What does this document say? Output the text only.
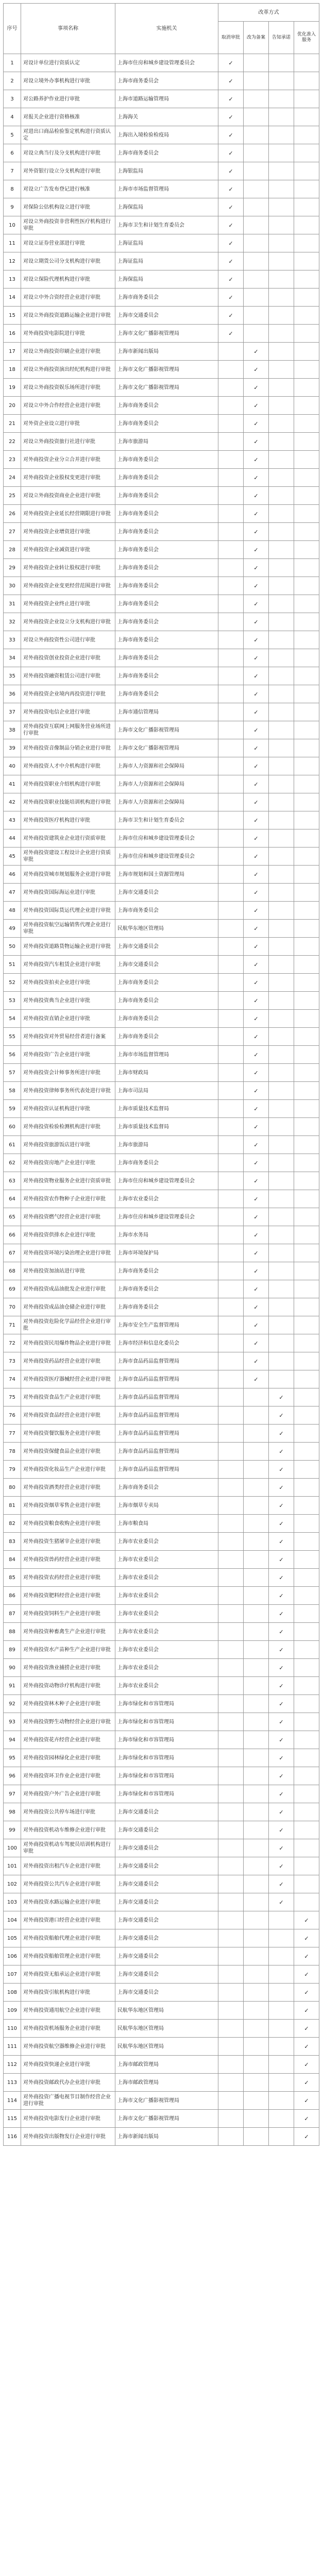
序号	事项名称	实施机关	改革方式			

			取消审批	改为备案	告知承诺	优化准入服务
1	对设计单位进行资质认定	上海市住房和城乡建设管理委员会	✓			
2	对设立境外办事机构进行审批	上海市商务委员会	✓			
3	对公路养护作业进行审批	上海市道路运输管理局	✓			
4	对报关企业进行资格核准	上海海关	✓			
5	对进出口商品检验鉴定机构进行资质认定	上海出入境检验检疫局	✓			
6	对设立典当行及分支机构进行审批	上海市商务委员会	✓			
7	对外资银行设立分支机构进行审批	上海银监局	✓			
8	对设立广告发布登记进行核准	上海市市场监督管理局	✓			
9	对保险公估机构设立进行审批	上海保监局	✓			
10	对设立外商投资非营利性医疗机构进行审批	上海市卫生和计划生育委员会	✓			
11	对设立证券营业部进行审批	上海证监局	✓			
12	对设立期货公司分支机构进行审批	上海证监局	✓			
13	对设立保险代理机构进行审批	上海保监局	✓			
14	对设立中外合资经营企业进行审批	上海市商务委员会	✓			
15	对设立外商投资道路运输企业进行审批	上海市交通委员会	✓			
16	对外商投资电影院进行审批	上海市文化广播影视管理局	✓			
17	对设立外商投资印刷企业进行审批	上海市新闻出版局		✓		
18	对设立外商投资演出经纪机构进行审批	上海市文化广播影视管理局		✓		
19	对设立外商投资娱乐场所进行审批	上海市文化广播影视管理局		✓		
20	对设立中外合作经营企业进行审批	上海市商务委员会		✓		
21	对外资企业设立进行审批	上海市商务委员会		✓		
22	对设立外商投资旅行社进行审批	上海市旅游局		✓		
23	对外商投资企业分立合并进行审批	上海市商务委员会		✓		
24	对外商投资企业股权变更进行审批	上海市商务委员会		✓		
25	对设立外商投资商业企业进行审批	上海市商务委员会		✓		
26	对外商投资企业延长经营期限进行审批	上海市商务委员会		✓		
27	对外商投资企业增资进行审批	上海市商务委员会		✓		
28	对外商投资企业减资进行审批	上海市商务委员会		✓		
29	对外商投资企业转让股权进行审批	上海市商务委员会		✓		
30	对外商投资企业变更经营范围进行审批	上海市商务委员会		✓		
31	对外商投资企业终止进行审批	上海市商务委员会		✓		
32	对外商投资企业设立分支机构进行审批	上海市商务委员会		✓		
33	对设立外商投资性公司进行审批	上海市商务委员会		✓		
34	对外商投资创业投资企业进行审批	上海市商务委员会		✓		
35	对外商投资融资租赁公司进行审批	上海市商务委员会		✓		
36	对外商投资企业境内再投资进行审批	上海市商务委员会		✓		
37	对外商投资电信企业进行审批	上海市通信管理局		✓		
38	对外商投资互联网上网服务营业场所进行审批	上海市文化广播影视管理局		✓		
39	对外商投资音像制品分销企业进行审批	上海市文化广播影视管理局		✓		
40	对外商投资人才中介机构进行审批	上海市人力资源和社会保障局		✓		
41	对外商投资职业介绍机构进行审批	上海市人力资源和社会保障局		✓		
42	对外商投资职业技能培训机构进行审批	上海市人力资源和社会保障局		✓		
43	对外商投资医疗机构进行审批	上海市卫生和计划生育委员会		✓		
44	对外商投资建筑业企业进行资质审批	上海市住房和城乡建设管理委员会		✓		
45	对外商投资建设工程设计企业进行资质审批	上海市住房和城乡建设管理委员会		✓		
46	对外商投资城市规划服务企业进行审批	上海市规划和国土资源管理局		✓		
47	对外商投资国际海运业进行审批	上海市交通委员会		✓		
48	对外商投资国际货运代理企业进行审批	上海市商务委员会		✓		
49	对外商投资航空运输销售代理企业进行审批	民航华东地区管理局		✓		
50	对外商投资道路货物运输企业进行审批	上海市交通委员会		✓		
51	对外商投资汽车租赁企业进行审批	上海市交通委员会		✓		
52	对外商投资拍卖企业进行审批	上海市商务委员会		✓		
53	对外商投资典当企业进行审批	上海市商务委员会		✓		
54	对外商投资直销企业进行审批	上海市商务委员会		✓		
55	对外商投资对外贸易经营者进行备案	上海市商务委员会		✓		
56	对外商投资广告企业进行审批	上海市市场监督管理局		✓		
57	对外商投资会计师事务所进行审批	上海市财政局		✓		
58	对外商投资律师事务所代表处进行审批	上海市司法局		✓		
59	对外商投资认证机构进行审批	上海市质量技术监督局		✓		
60	对外商投资检验检测机构进行审批	上海市质量技术监督局		✓		
61	对外商投资旅游饭店进行审批	上海市旅游局		✓		
62	对外商投资房地产企业进行审批	上海市商务委员会		✓		
63	对外商投资物业服务企业进行资质审批	上海市住房和城乡建设管理委员会		✓		
64	对外商投资农作物种子企业进行审批	上海市农业委员会		✓		
65	对外商投资燃气经营企业进行审批	上海市住房和城乡建设管理委员会		✓		
66	对外商投资供排水企业进行审批	上海市水务局		✓		
67	对外商投资环境污染治理企业进行审批	上海市环境保护局		✓		
68	对外商投资加油站进行审批	上海市商务委员会		✓		
69	对外商投资成品油批发企业进行审批	上海市商务委员会		✓		
70	对外商投资成品油仓储企业进行审批	上海市商务委员会		✓		
71	对外商投资危险化学品经营企业进行审批	上海市安全生产监督管理局		✓		
72	对外商投资民用爆炸物品企业进行审批	上海市经济和信息化委员会		✓		
73	对外商投资药品经营企业进行审批	上海市食品药品监督管理局		✓		
74	对外商投资医疗器械经营企业进行审批	上海市食品药品监督管理局		✓		
75	对外商投资食品生产企业进行审批	上海市食品药品监督管理局			✓	
76	对外商投资食品经营企业进行审批	上海市食品药品监督管理局			✓	
77	对外商投资餐饮服务企业进行审批	上海市食品药品监督管理局			✓	
78	对外商投资保健食品企业进行审批	上海市食品药品监督管理局			✓	
79	对外商投资化妆品生产企业进行审批	上海市食品药品监督管理局			✓	
80	对外商投资酒类经营企业进行审批	上海市商务委员会			✓	
81	对外商投资烟草零售企业进行审批	上海市烟草专卖局			✓	
82	对外商投资粮食收购企业进行审批	上海市粮食局			✓	
83	对外商投资生猪屠宰企业进行审批	上海市农业委员会			✓	
84	对外商投资兽药经营企业进行审批	上海市农业委员会			✓	
85	对外商投资农药经营企业进行审批	上海市农业委员会			✓	
86	对外商投资肥料经营企业进行审批	上海市农业委员会			✓	
87	对外商投资饲料生产企业进行审批	上海市农业委员会			✓	
88	对外商投资种畜禽生产企业进行审批	上海市农业委员会			✓	
89	对外商投资水产苗种生产企业进行审批	上海市农业委员会			✓	
90	对外商投资渔业捕捞企业进行审批	上海市农业委员会			✓	
91	对外商投资动物诊疗机构进行审批	上海市农业委员会			✓	
92	对外商投资林木种子企业进行审批	上海市绿化和市容管理局			✓	
93	对外商投资野生动物经营企业进行审批	上海市绿化和市容管理局			✓	
94	对外商投资花卉经营企业进行审批	上海市绿化和市容管理局			✓	
95	对外商投资园林绿化企业进行审批	上海市绿化和市容管理局			✓	
96	对外商投资环卫作业企业进行审批	上海市绿化和市容管理局			✓	
97	对外商投资户外广告企业进行审批	上海市绿化和市容管理局			✓	
98	对外商投资公共停车场进行审批	上海市交通委员会			✓	
99	对外商投资机动车维修企业进行审批	上海市交通委员会			✓	
100	对外商投资机动车驾驶员培训机构进行审批	上海市交通委员会			✓	
101	对外商投资出租汽车企业进行审批	上海市交通委员会			✓	
102	对外商投资公共汽车企业进行审批	上海市交通委员会			✓	
103	对外商投资水路运输企业进行审批	上海市交通委员会			✓	
104	对外商投资港口经营企业进行审批	上海市交通委员会				✓
105	对外商投资船舶代理企业进行审批	上海市交通委员会				✓
106	对外商投资船舶管理企业进行审批	上海市交通委员会				✓
107	对外商投资无船承运企业进行审批	上海市交通委员会				✓
108	对外商投资引航机构进行审批	上海市交通委员会				✓
109	对外商投资通用航空企业进行审批	民航华东地区管理局				✓
110	对外商投资机场服务企业进行审批	民航华东地区管理局				✓
111	对外商投资航空器维修企业进行审批	民航华东地区管理局				✓
112	对外商投资快递企业进行审批	上海市邮政管理局				✓
113	对外商投资邮政代办企业进行审批	上海市邮政管理局				✓
114	对外商投资广播电视节目制作经营企业进行审批	上海市文化广播影视管理局				✓
115	对外商投资电影发行企业进行审批	上海市文化广播影视管理局				✓
116	对外商投资出版物发行企业进行审批	上海市新闻出版局				✓
